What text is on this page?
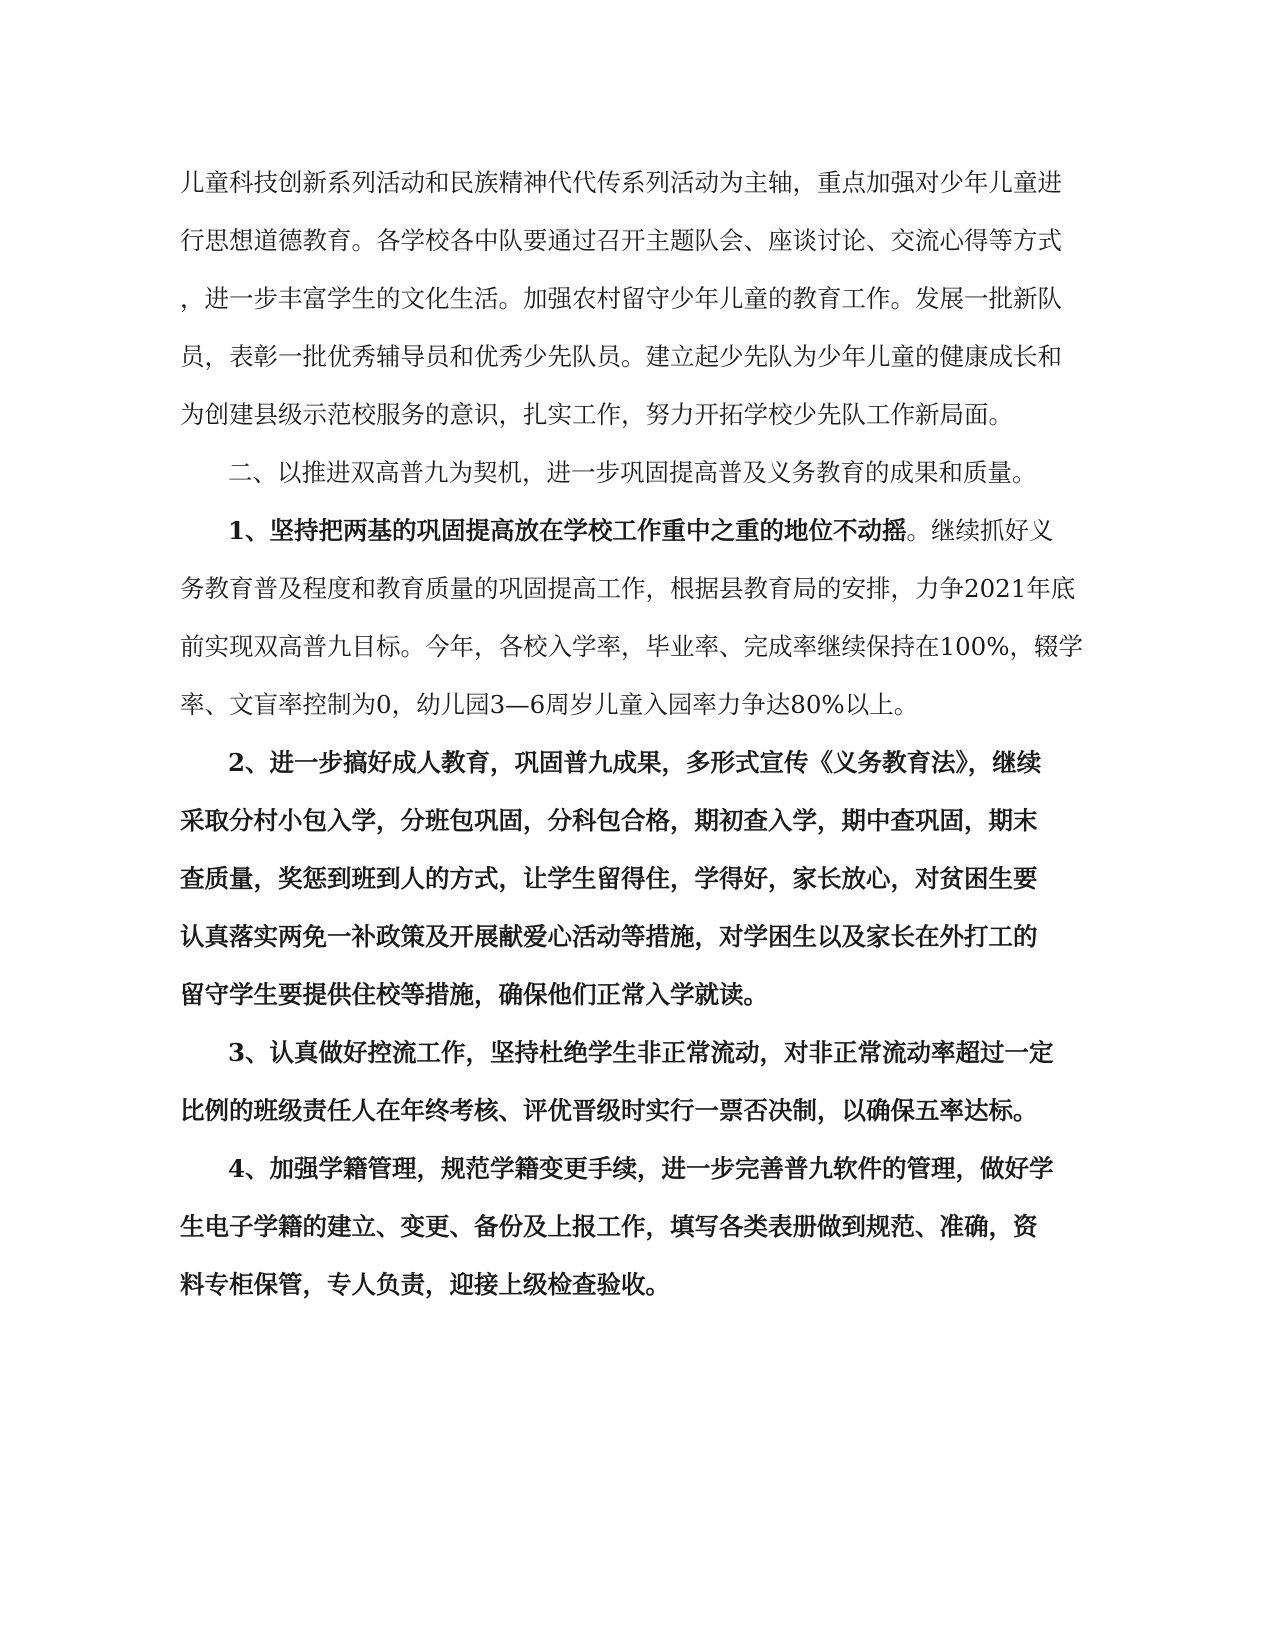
儿童科技创新系列活动和民族精神代代传系列活动为主轴，重点加强对少年儿童进
行思想道德教育。各学校各中队要通过召开主题队会、座谈讨论、交流心得等方式
，进一步丰富学生的文化生活。加强农村留守少年儿童的教育工作。发展一批新队
员，表彰一批优秀辅导员和优秀少先队员。建立起少先队为少年儿童的健康成长和
为创建县级示范校服务的意识，扎实工作，努力开拓学校少先队工作新局面。
二、以推进双高普九为契机，进一步巩固提高普及义务教育的成果和质量。
1、坚持把两基的巩固提高放在学校工作重中之重的地位不动摇。继续抓好义
务教育普及程度和教育质量的巩固提高工作，根据县教育局的安排，力争2021年底
前实现双高普九目标。今年，各校入学率，毕业率、完成率继续保持在100%，辍学
率、文盲率控制为0，幼儿园3—6周岁儿童入园率力争达80%以上。
2、进一步搞好成人教育，巩固普九成果，多形式宣传《义务教育法》，继续
采取分村小包入学，分班包巩固，分科包合格，期初查入学，期中查巩固，期末
查质量，奖惩到班到人的方式，让学生留得住，学得好，家长放心，对贫困生要
认真落实两免一补政策及开展献爱心活动等措施，对学困生以及家长在外打工的
留守学生要提供住校等措施，确保他们正常入学就读。
3、认真做好控流工作，坚持杜绝学生非正常流动，对非正常流动率超过一定
比例的班级责任人在年终考核、评优晋级时实行一票否决制，以确保五率达标。
4、加强学籍管理，规范学籍变更手续，进一步完善普九软件的管理，做好学
生电子学籍的建立、变更、备份及上报工作，填写各类表册做到规范、准确，资
料专柜保管，专人负责，迎接上级检查验收。
